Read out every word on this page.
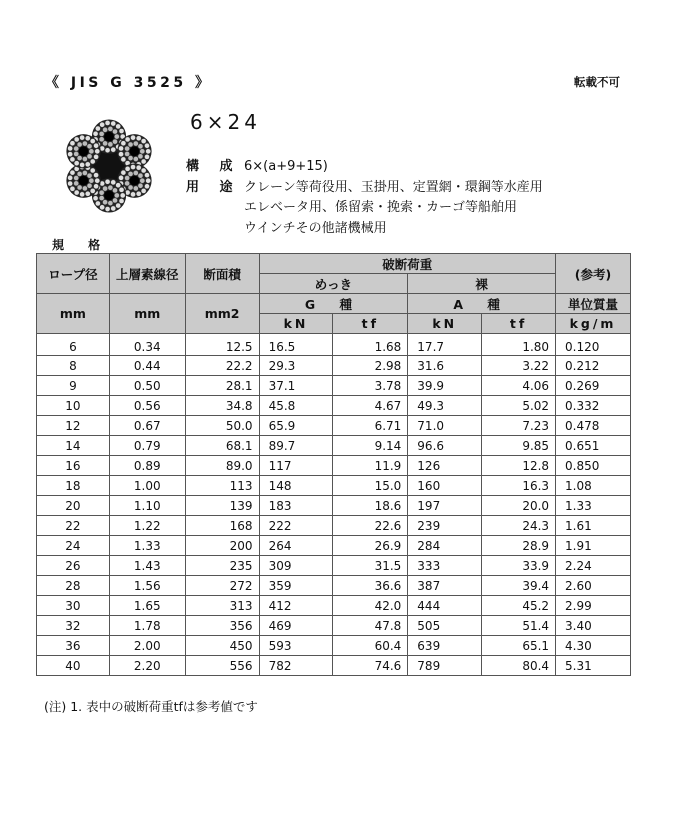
《 JIS G 3525 》	転載不可
6×24
構 成 6×(a+9+15)
用 途 クレーン等荷役用、玉掛用、定置網・環鋼等水産用
エレベータ用、係留索・挽索・カーゴ等船舶用
ウインチその他諸機械用
規 格
ロープ径	上層素線径	断面積	破断荷重				(参考)
			めっき		裸		
mm	mm	mm2	G 種		A 種		単位質量
			kN	tf	kN	tf	kg/m
6	0.34	12.5	16.5	1.68	17.7	1.80	0.120
8	0.44	22.2	29.3	2.98	31.6	3.22	0.212
9	0.50	28.1	37.1	3.78	39.9	4.06	0.269
10	0.56	34.8	45.8	4.67	49.3	5.02	0.332
12	0.67	50.0	65.9	6.71	71.0	7.23	0.478
14	0.79	68.1	89.7	9.14	96.6	9.85	0.651
16	0.89	89.0	117	11.9	126	12.8	0.850
18	1.00	113	148	15.0	160	16.3	1.08
20	1.10	139	183	18.6	197	20.0	1.33
22	1.22	168	222	22.6	239	24.3	1.61
24	1.33	200	264	26.9	284	28.9	1.91
26	1.43	235	309	31.5	333	33.9	2.24
28	1.56	272	359	36.6	387	39.4	2.60
30	1.65	313	412	42.0	444	45.2	2.99
32	1.78	356	469	47.8	505	51.4	3.40
36	2.00	450	593	60.4	639	65.1	4.30
40	2.20	556	782	74.6	789	80.4	5.31
(注) 1. 表中の破断荷重tfは参考値です
